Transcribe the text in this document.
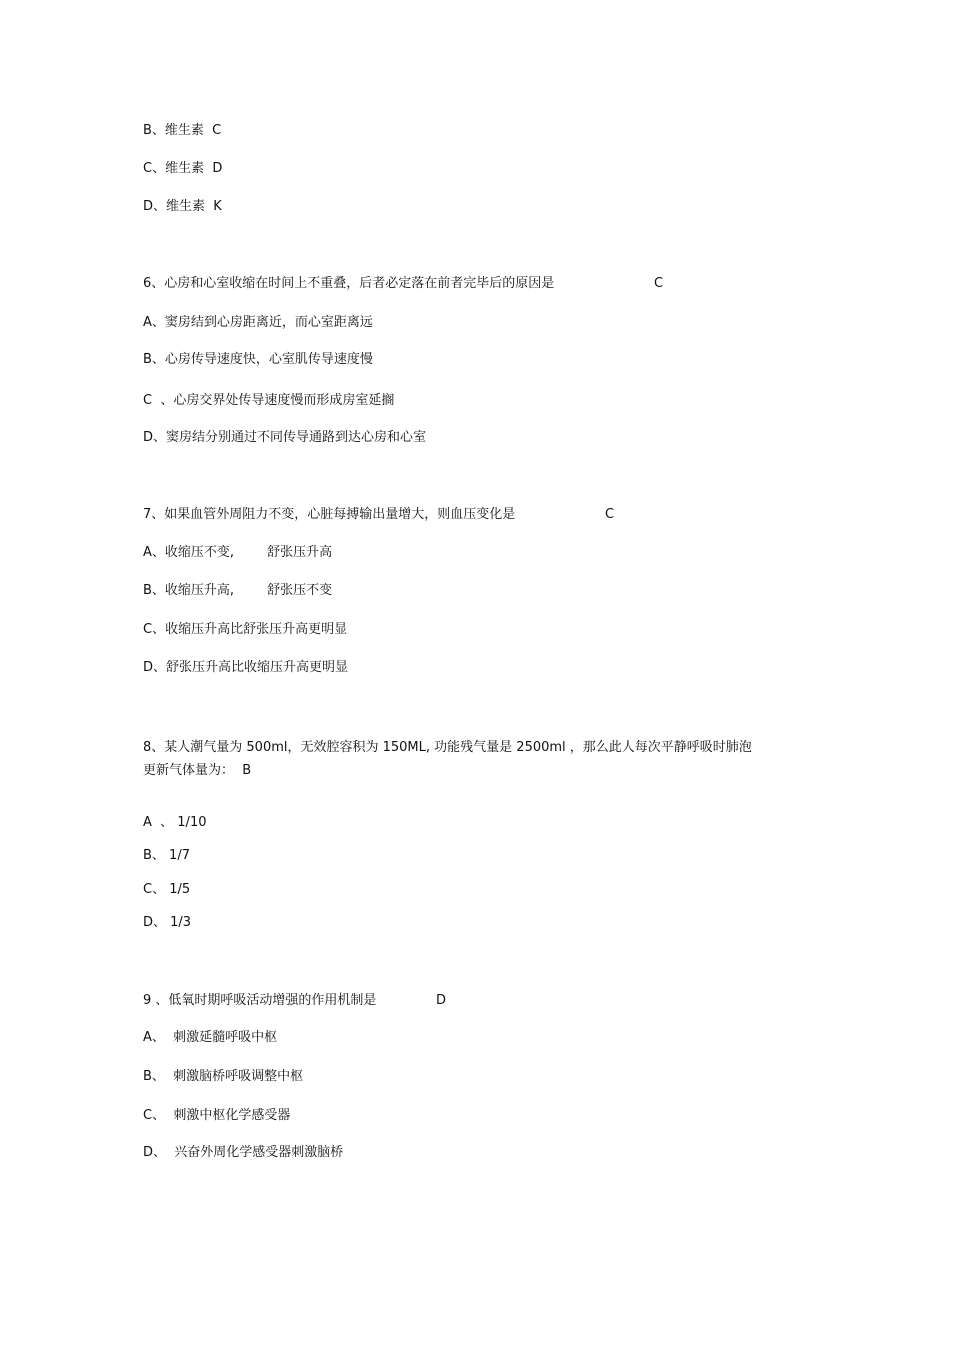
B、维生素  C
C、维生素  D
D、维生素  K
6、心房和心室收缩在时间上不重叠，后者必定落在前者完毕后的原因是	C
A、窦房结到心房距离近，而心室距离远
B、心房传导速度快，心室肌传导速度慢
C  、心房交界处传导速度慢而形成房室延搁
D、窦房结分别通过不同传导通路到达心房和心室
7、如果血管外周阻力不变，心脏每搏输出量增大，则血压变化是	C
A、收缩压不变,        舒张压升高
B、收缩压升高,        舒张压不变
C、收缩压升高比舒张压升高更明显
D、舒张压升高比收缩压升高更明显
8、某人潮气量为 500ml，无效腔容积为 150ML, 功能残气量是 2500ml ，那么此人每次平静呼吸时肺泡
更新气体量为：  B
A  、 1/10
B、 1/7
C、 1/5
D、 1/3
9 、低氧时期呼吸活动增强的作用机制是	D
A、  刺激延髓呼吸中枢
B、  刺激脑桥呼吸调整中枢
C、  刺激中枢化学感受器
D、  兴奋外周化学感受器刺激脑桥
